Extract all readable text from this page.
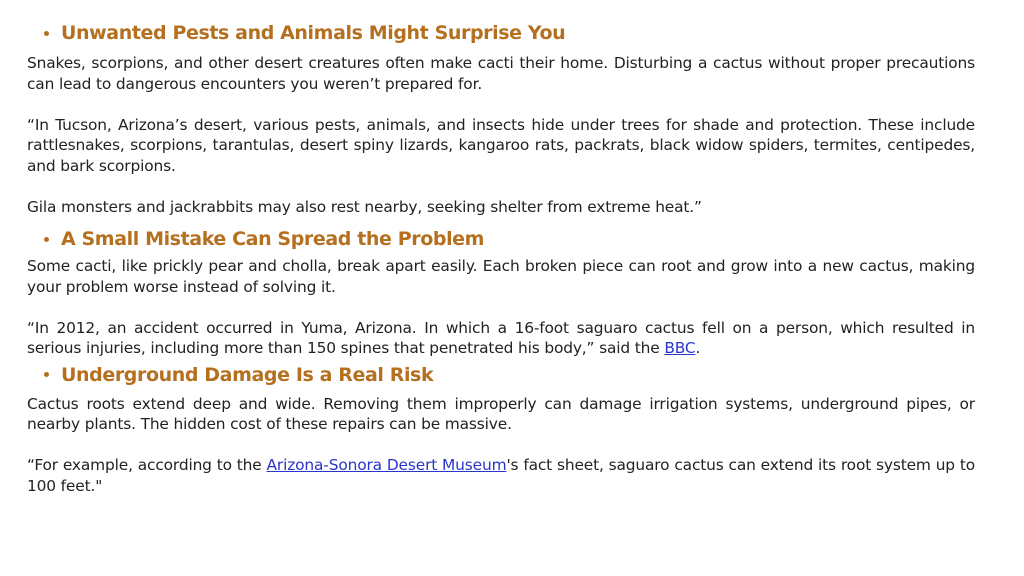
Unwanted Pests and Animals Might Surprise You

Snakes, scorpions, and other desert creatures often make cacti their home. Disturbing a cactus without proper precautions can lead to dangerous encounters you weren’t prepared for.

“In Tucson, Arizona’s desert, various pests, animals, and insects hide under trees for shade and protection. These include rattlesnakes, scorpions, tarantulas, desert spiny lizards, kangaroo rats, packrats, black widow spiders, termites, centipedes, and bark scorpions.

Gila monsters and jackrabbits may also rest nearby, seeking shelter from extreme heat.”

A Small Mistake Can Spread the Problem

Some cacti, like prickly pear and cholla, break apart easily. Each broken piece can root and grow into a new cactus, making your problem worse instead of solving it.

“In 2012, an accident occurred in Yuma, Arizona. In which a 16-foot saguaro cactus fell on a person, which resulted in serious injuries, including more than 150 spines that penetrated his body,” said the BBC.

Underground Damage Is a Real Risk

Cactus roots extend deep and wide. Removing them improperly can damage irrigation systems, underground pipes, or nearby plants. The hidden cost of these repairs can be massive.

“For example, according to the Arizona-Sonora Desert Museum's fact sheet, saguaro cactus can extend its root system up to 100 feet."
